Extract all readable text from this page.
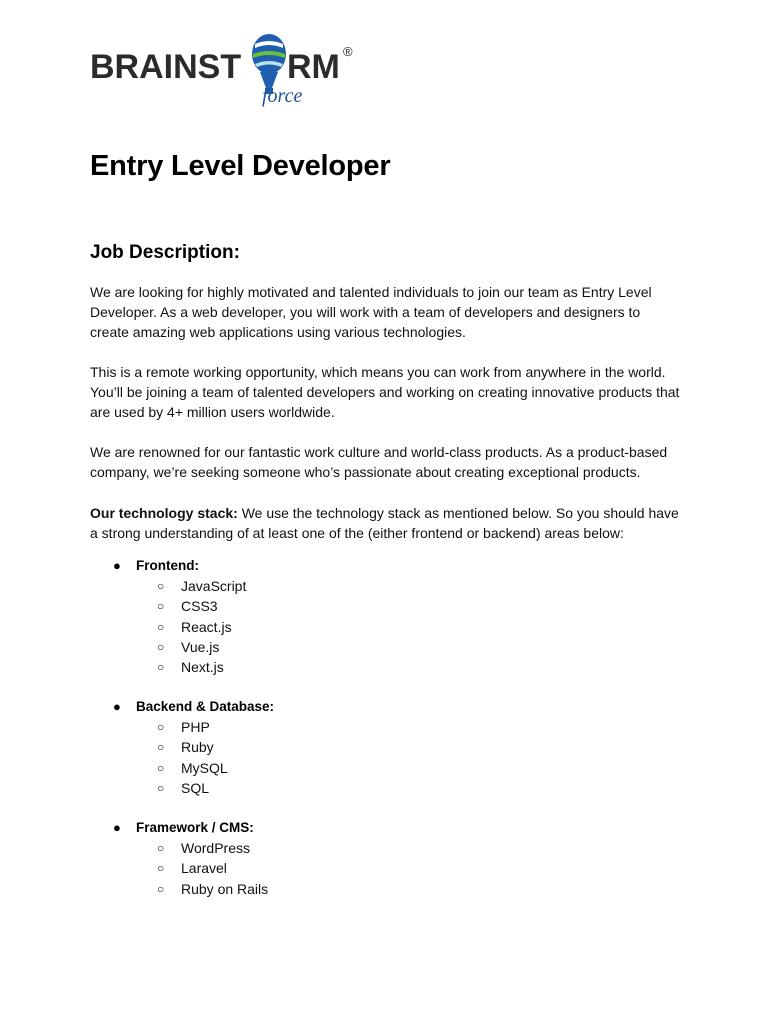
BRAINST RM ®
force
Entry Level Developer
Job Description:

We are looking for highly motivated and talented individuals to join our team as Entry Level Developer. As a web developer, you will work with a team of developers and designers to create amazing web applications using various technologies.

This is a remote working opportunity, which means you can work from anywhere in the world. You’ll be joining a team of talented developers and working on creating innovative products that are used by 4+ million users worldwide.

We are renowned for our fantastic work culture and world-class products. As a product-based company, we’re seeking someone who’s passionate about creating exceptional products.

Our technology stack: We use the technology stack as mentioned below. So you should have a strong understanding of at least one of the (either frontend or backend) areas below:

● Frontend:
○ JavaScript
○ CSS3
○ React.js
○ Vue.js
○ Next.js
● Backend & Database:
○ PHP
○ Ruby
○ MySQL
○ SQL
● Framework / CMS:
○ WordPress
○ Laravel
○ Ruby on Rails
